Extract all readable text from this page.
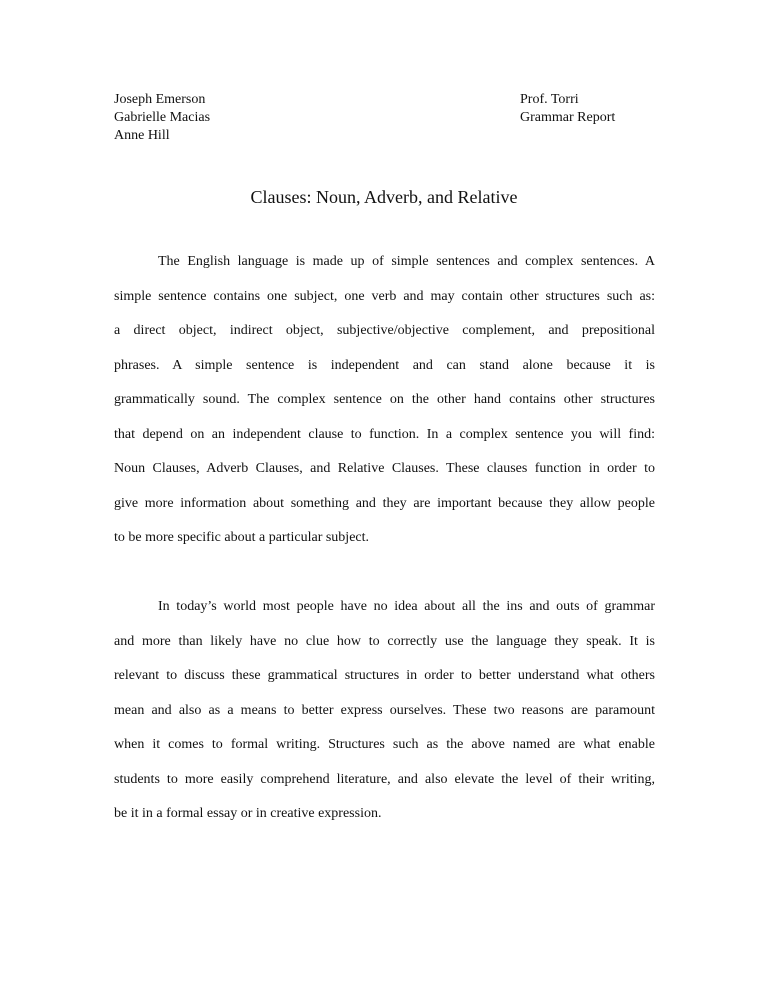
Joseph Emerson
Gabrielle Macias
Anne Hill
Prof. Torri
Grammar Report
Clauses: Noun, Adverb, and Relative
The English language is made up of simple sentences and complex sentences. A
simple sentence contains one subject, one verb and may contain other structures such as:
a direct object, indirect object, subjective/objective complement, and prepositional
phrases. A simple sentence is independent and can stand alone because it is
grammatically sound. The complex sentence on the other hand contains other structures
that depend on an independent clause to function. In a complex sentence you will find:
Noun Clauses, Adverb Clauses, and Relative Clauses. These clauses function in order to
give more information about something and they are important because they allow people
to be more specific about a particular subject.
In today’s world most people have no idea about all the ins and outs of grammar
and more than likely have no clue how to correctly use the language they speak. It is
relevant to discuss these grammatical structures in order to better understand what others
mean and also as a means to better express ourselves. These two reasons are paramount
when it comes to formal writing. Structures such as the above named are what enable
students to more easily comprehend literature, and also elevate the level of their writing,
be it in a formal essay or in creative expression.
